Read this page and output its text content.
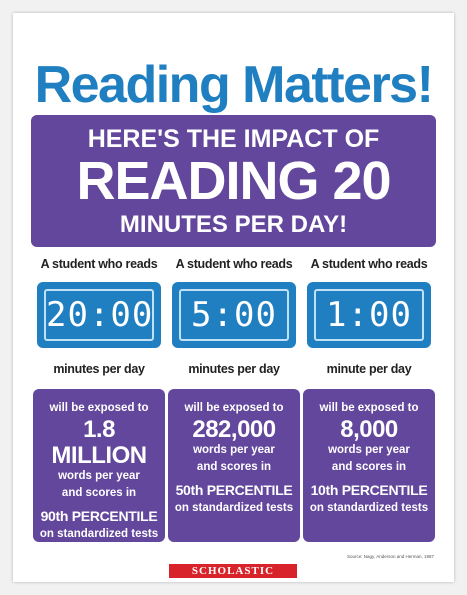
Reading Matters!
HERE'S THE IMPACT OF
READING 20
MINUTES PER DAY!
A student who reads
20:00
minutes per day
will be exposed to
1.8 MILLION
words per year
and scores in
90th PERCENTILE
on standardized tests
A student who reads
5:00
minutes per day
will be exposed to
282,000
words per year
and scores in
50th PERCENTILE
on standardized tests
A student who reads
1:00
minute per day
will be exposed to
8,000
words per year
and scores in
10th PERCENTILE
on standardized tests
Source: Nagy, Anderson and Herman, 1987
SCHOLASTIC
